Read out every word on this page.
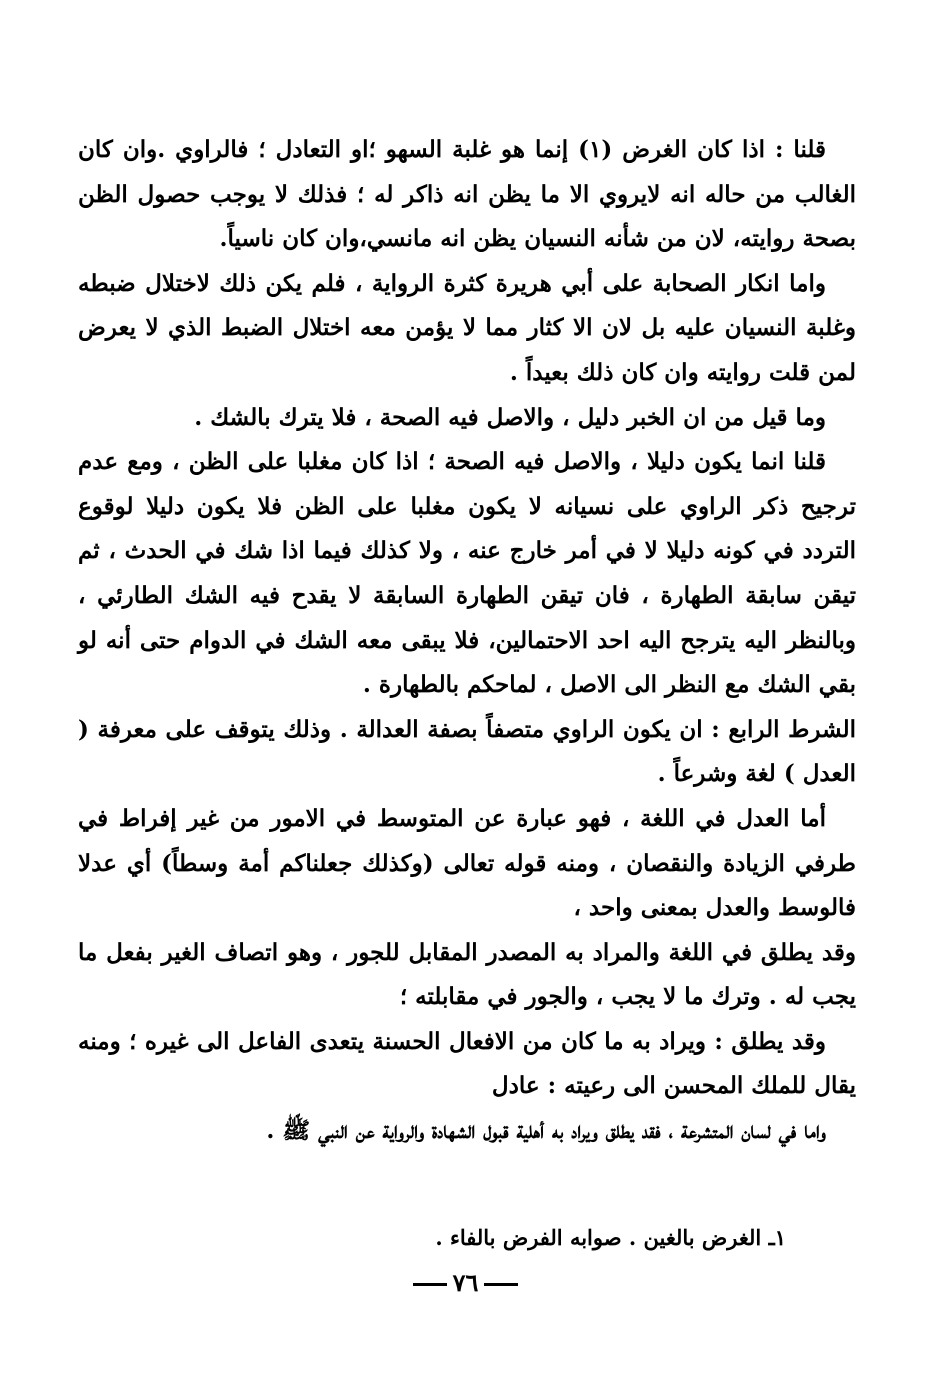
قلنا : اذا كان الغرض (١) إنما هو غلبة السهو ؛او التعادل ؛ فالراوي .وان كان الغالب من حاله انه لايروي الا ما يظن انه ذاكر له ؛ فذلك لا يوجب حصول الظن بصحة روايته، لان من شأنه النسيان يظن انه مانسي،وان كان ناسياً.

واما انكار الصحابة على أبي هريرة كثرة الرواية ، فلم يكن ذلك لاختلال ضبطه وغلبة النسيان عليه بل لان الا كثار مما لا يؤمن معه اختلال الضبط الذي لا يعرض لمن قلت روايته وان كان ذلك بعيداً .

وما قيل من ان الخبر دليل ، والاصل فيه الصحة ، فلا يترك بالشك .

قلنا انما يكون دليلا ، والاصل فيه الصحة ؛ اذا كان مغلبا على الظن ، ومع عدم ترجيح ذكر الراوي على نسيانه لا يكون مغلبا على الظن فلا يكون دليلا لوقوع التردد في كونه دليلا لا في أمر خارج عنه ، ولا كذلك فيما اذا شك في الحدث ، ثم تيقن سابقة الطهارة ، فان تيقن الطهارة السابقة لا يقدح فيه الشك الطارئي ، وبالنظر اليه يترجح اليه احد الاحتمالين، فلا يبقى معه الشك في الدوام حتى أنه لو بقي الشك مع النظر الى الاصل ، لماحكم بالطهارة .

الشرط الرابع : ان يكون الراوي متصفاً بصفة العدالة . وذلك يتوقف على معرفة ( العدل ) لغة وشرعاً .

أما العدل في اللغة ، فهو عبارة عن المتوسط في الامور من غير إفراط في طرفي الزيادة والنقصان ، ومنه قوله تعالى (وكذلك جعلناكم أمة وسطاً) أي عدلا فالوسط والعدل بمعنى واحد ،

وقد يطلق في اللغة والمراد به المصدر المقابل للجور ، وهو اتصاف الغير بفعل ما يجب له . وترك ما لا يجب ، والجور في مقابلته ؛

وقد يطلق : ويراد به ما كان من الافعال الحسنة يتعدى الفاعل الى غيره ؛ ومنه يقال للملك المحسن الى رعيته : عادل

واما في لسان المتشرعة ، فقد يطلق ويراد به أهلية قبول الشهادة والرواية عن النبي ﷺ .

١ـ الغرض بالغين . صوابه الفرض بالفاء .
٧٦
